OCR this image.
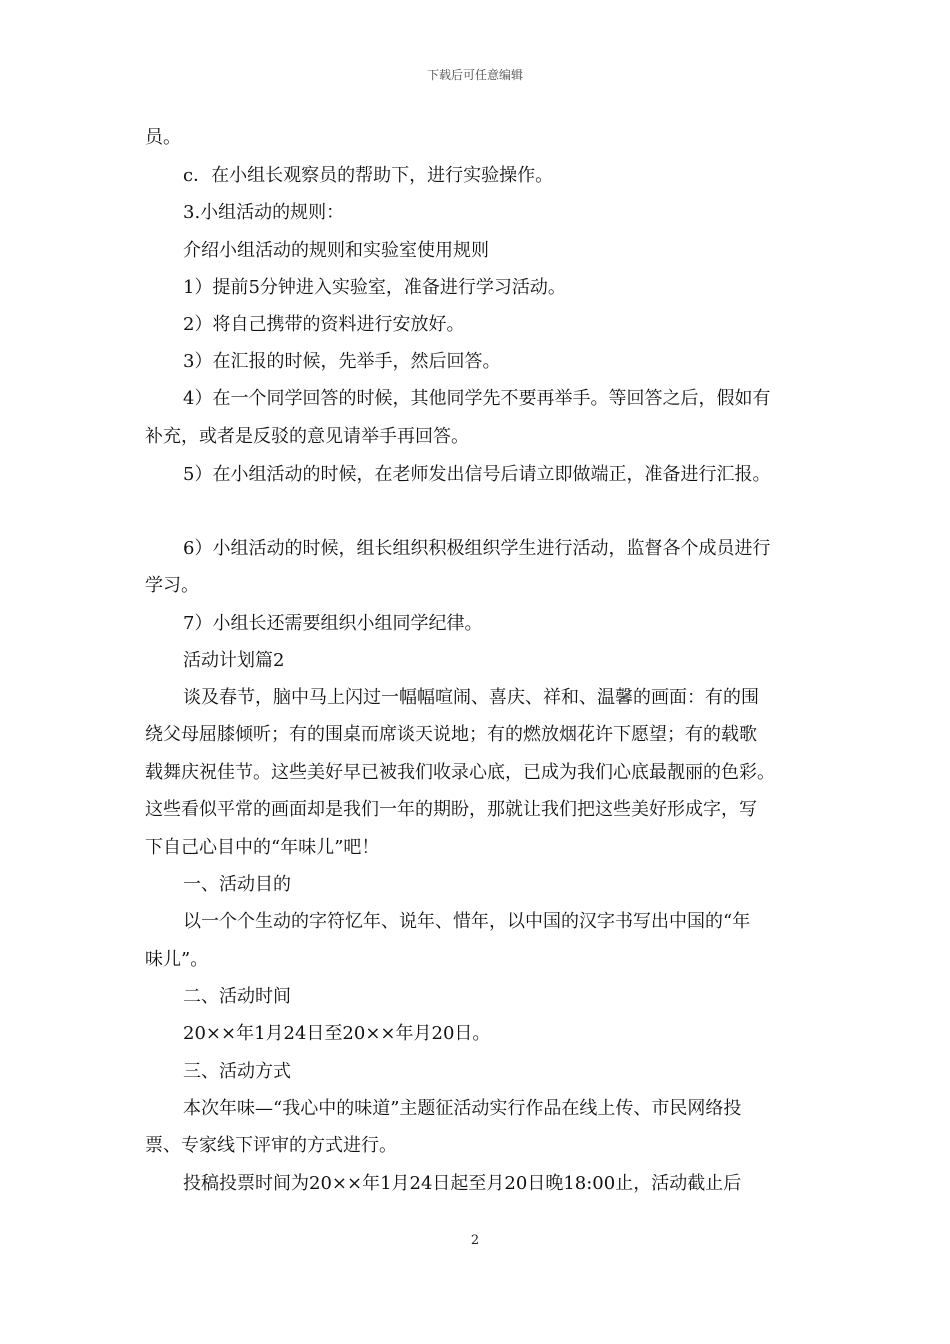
下载后可任意编辑
员。
c．在小组长观察员的帮助下，进行实验操作。
3.小组活动的规则：
介绍小组活动的规则和实验室使用规则
1）提前5分钟进入实验室，准备进行学习活动。
2）将自己携带的资料进行安放好。
3）在汇报的时候，先举手，然后回答。
4）在一个同学回答的时候，其他同学先不要再举手。等回答之后，假如有
补充，或者是反驳的意见请举手再回答。
5）在小组活动的时候，在老师发出信号后请立即做端正，准备进行汇报。
6）小组活动的时候，组长组织积极组织学生进行活动，监督各个成员进行
学习。
7）小组长还需要组织小组同学纪律。
活动计划篇2
谈及春节，脑中马上闪过一幅幅喧闹、喜庆、祥和、温馨的画面：有的围
绕父母屈膝倾听；有的围桌而席谈天说地；有的燃放烟花许下愿望；有的载歌
载舞庆祝佳节。这些美好早已被我们收录心底，已成为我们心底最靓丽的色彩。
这些看似平常的画面却是我们一年的期盼，那就让我们把这些美好形成字，写
下自己心目中的“年味儿”吧！
一、活动目的
以一个个生动的字符忆年、说年、惜年，以中国的汉字书写出中国的“年
味儿”。
二、活动时间
20××年1月24日至20××年月20日。
三、活动方式
本次年味—“我心中的味道”主题征活动实行作品在线上传、市民网络投
票、专家线下评审的方式进行。
投稿投票时间为20××年1月24日起至月20日晚18:00止，活动截止后
2
